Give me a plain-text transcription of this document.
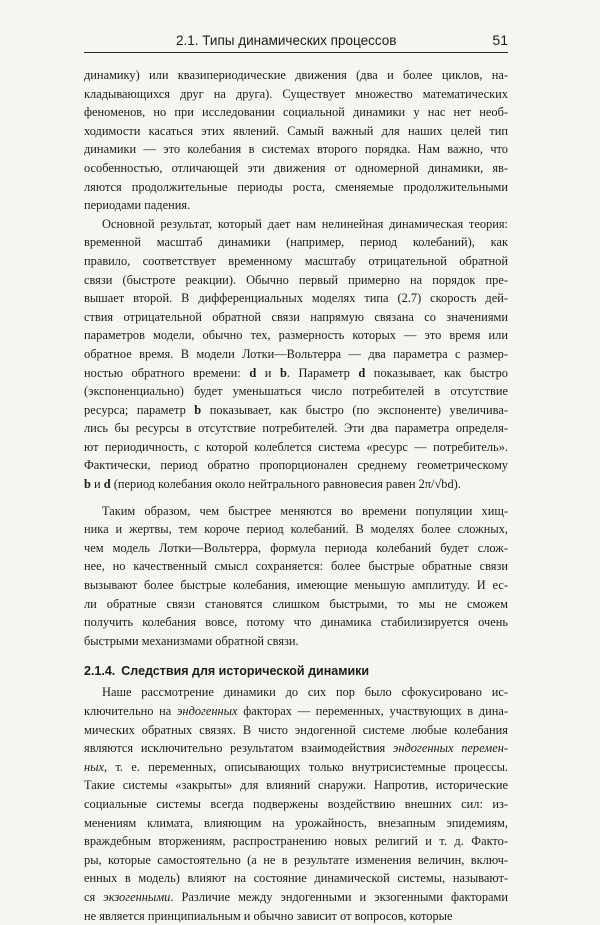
2.1. Типы динамических процессов	51
динамику) или квазипериодические движения (два и более циклов, на-
кладывающихся друг на друга). Существует множество математических
феноменов, но при исследовании социальной динамики у нас нет необ-
ходимости касаться этих явлений. Самый важный для наших целей тип
динамики — это колебания в системах второго порядка. Нам важно, что
особенностью, отличающей эти движения от одномерной динамики, яв-
ляются продолжительные периоды роста, сменяемые продолжительными
периодами падения.
Основной результат, который дает нам нелинейная динамическая теория:
временной масштаб динамики (например, период колебаний), как
правило, соответствует временному масштабу отрицательной обратной
связи (быстроте реакции). Обычно первый примерно на порядок пре-
вышает второй. В дифференциальных моделях типа (2.7) скорость дей-
ствия отрицательной обратной связи напрямую связана со значениями
параметров модели, обычно тех, размерность которых — это время или
обратное время. В модели Лотки—Вольтерра — два параметра с размер-
ностью обратного времени: d и b. Параметр d показывает, как быстро
(экспоненциально) будет уменьшаться число потребителей в отсутствие
ресурса; параметр b показывает, как быстро (по экспоненте) увеличива-
лись бы ресурсы в отсутствие потребителей. Эти два параметра определя-
ют периодичность, с которой колеблется система «ресурс — потребитель».
Фактически, период обратно пропорционален среднему геометрическому
b и d (период колебания около нейтрального равновесия равен 2π/√bd).
Таким образом, чем быстрее меняются во времени популяции хищ-
ника и жертвы, тем короче период колебаний. В моделях более сложных,
чем модель Лотки—Вольтерра, формула периода колебаний будет слож-
нее, но качественный смысл сохраняется: более быстрые обратные связи
вызывают более быстрые колебания, имеющие меньшую амплитуду. И ес-
ли обратные связи становятся слишком быстрыми, то мы не сможем
получить колебания вовсе, потому что динамика стабилизируется очень
быстрыми механизмами обратной связи.
2.1.4. Следствия для исторической динамики
Наше рассмотрение динамики до сих пор было сфокусировано ис-
ключительно на эндогенных факторах — переменных, участвующих в дина-
мических обратных связях. В чисто эндогенной системе любые колебания
являются исключительно результатом взаимодействия эндогенных перемен-
ных, т. е. переменных, описывающих только внутрисистемные процессы.
Такие системы «закрыты» для влияний снаружи. Напротив, исторические
социальные системы всегда подвержены воздействию внешних сил: из-
менениям климата, влияющим на урожайность, внезапным эпидемиям,
враждебным вторжениям, распространению новых религий и т. д. Факто-
ры, которые самостоятельно (а не в результате изменения величин, включ-
енных в модель) влияют на состояние динамической системы, называют-
ся экзогенными. Различие между эндогенными и экзогенными факторами
не является принципиальным и обычно зависит от вопросов, которые
